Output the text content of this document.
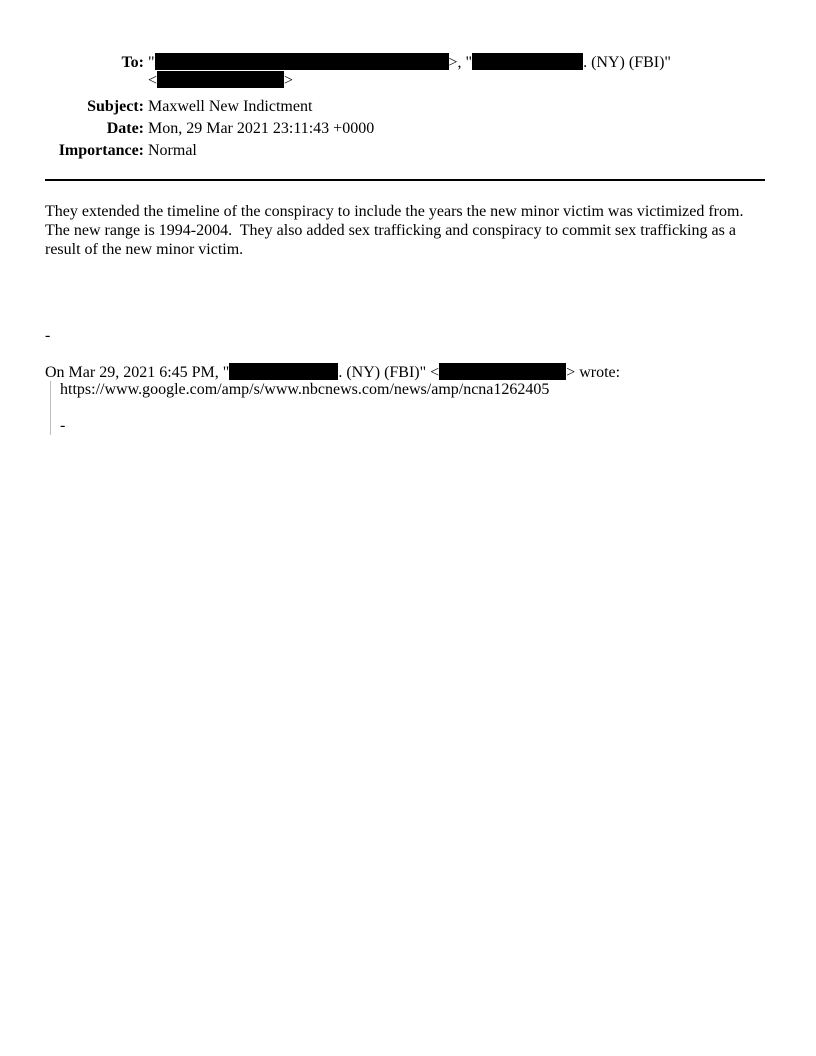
To: "	>, "	. (NY) (FBI)"
<	>
Subject: Maxwell New Indictment
Date: Mon, 29 Mar 2021 23:11:43 +0000
Importance: Normal

They extended the timeline of the conspiracy to include the years the new minor victim was victimized from.
The new range is 1994-2004.  They also added sex trafficking and conspiracy to commit sex trafficking as a
result of the new minor victim.

-
On Mar 29, 2021 6:45 PM, "	. (NY) (FBI)" <	> wrote:
https://www.google.com/amp/s/www.nbcnews.com/news/amp/ncna1262405
-
